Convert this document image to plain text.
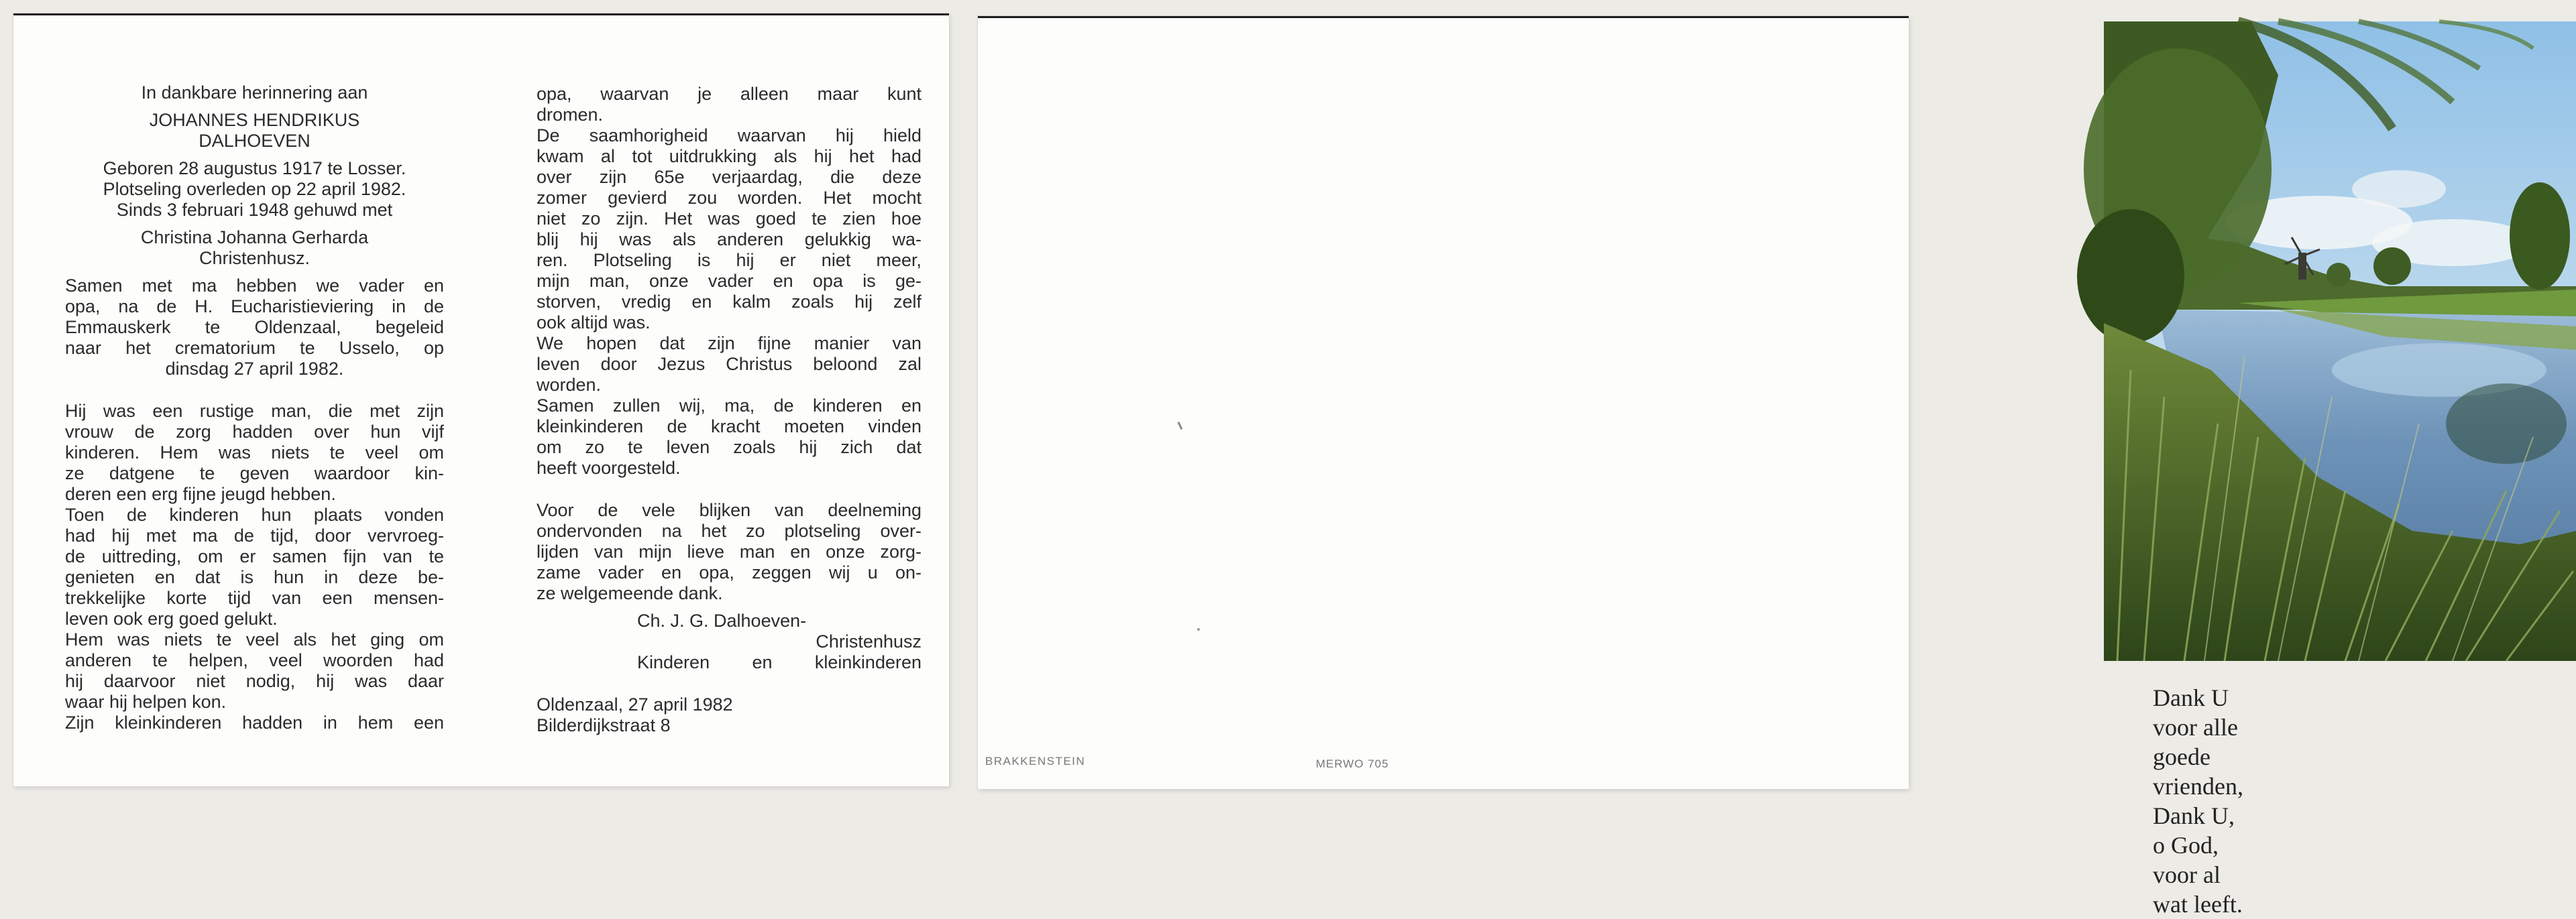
In dankbare herinnering aan
JOHANNES HENDRIKUS
DALHOEVEN
Geboren 28 augustus 1917 te Losser.
Plotseling overleden op 22 april 1982.
Sinds 3 februari 1948 gehuwd met
Christina Johanna Gerharda
Christenhusz.
Samen met ma hebben we vader en
opa, na de H. Eucharistieviering in de
Emmauskerk te Oldenzaal, begeleid
naar het crematorium te Usselo, op
dinsdag 27 april 1982.
Hij was een rustige man, die met zijn
vrouw de zorg hadden over hun vijf
kinderen. Hem was niets te veel om
ze datgene te geven waardoor kin-
deren een erg fijne jeugd hebben.
Toen de kinderen hun plaats vonden
had hij met ma de tijd, door vervroeg-
de uittreding, om er samen fijn van te
genieten en dat is hun in deze be-
trekkelijke korte tijd van een mensen-
leven ook erg goed gelukt.
Hem was niets te veel als het ging om
anderen te helpen, veel woorden had
hij daarvoor niet nodig, hij was daar
waar hij helpen kon.
Zijn kleinkinderen hadden in hem een
opa, waarvan je alleen maar kunt
dromen.
De saamhorigheid waarvan hij hield
kwam al tot uitdrukking als hij het had
over zijn 65e verjaardag, die deze
zomer gevierd zou worden. Het mocht
niet zo zijn. Het was goed te zien hoe
blij hij was als anderen gelukkig wa-
ren. Plotseling is hij er niet meer,
mijn man, onze vader en opa is ge-
storven, vredig en kalm zoals hij zelf
ook altijd was.
We hopen dat zijn fijne manier van
leven door Jezus Christus beloond zal
worden.
Samen zullen wij, ma, de kinderen en
kleinkinderen de kracht moeten vinden
om zo te leven zoals hij zich dat
heeft voorgesteld.
Voor de vele blijken van deelneming
ondervonden na het zo plotseling over-
lijden van mijn lieve man en onze zorg-
zame vader en opa, zeggen wij u on-
ze welgemeende dank.
Ch. J. G. Dalhoeven-
Christenhusz
Kinderen en kleinkinderen
Oldenzaal, 27 april 1982
Bilderdijkstraat 8
Dank U voor alle goede vrienden,
Dank U, o God, voor al wat leeft.
BRAKKENSTEIN	MERWO 705
